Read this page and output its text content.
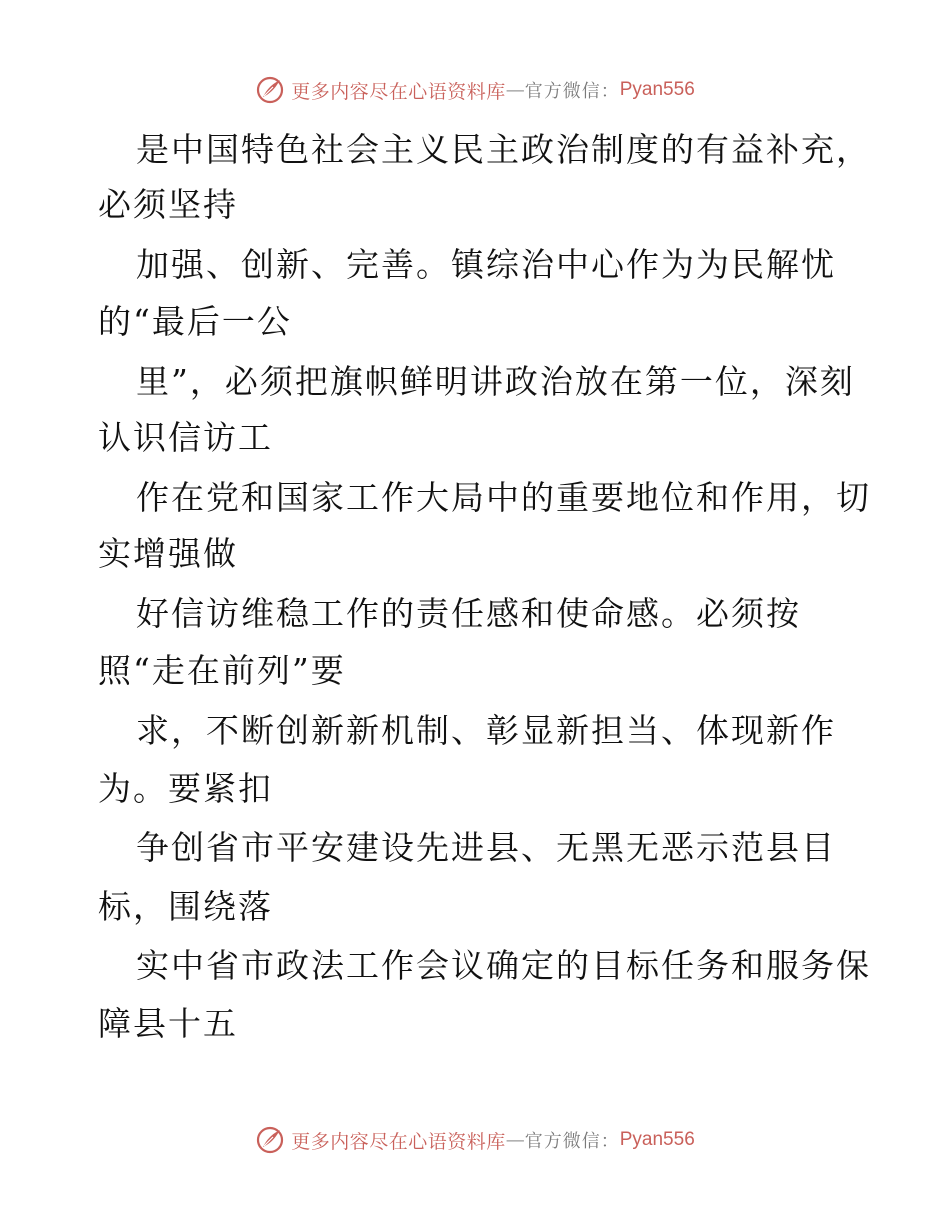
更多内容尽在心语资料库 — 官方微信： Pyan556
是中国特色社会主义民主政治制度的有益补充，
必须坚持
加强、创新、完善。镇综治中心作为为民解忧
的“最后一公
里”，必须把旗帜鲜明讲政治放在第一位，深刻
认识信访工
作在党和国家工作大局中的重要地位和作用，切
实增强做
好信访维稳工作的责任感和使命感。必须按
照“走在前列”要
求，不断创新新机制、彰显新担当、体现新作
为。要紧扣
争创省市平安建设先进县、无黑无恶示范县目
标，围绕落
实中省市政法工作会议确定的目标任务和服务保
障县十五
更多内容尽在心语资料库 — 官方微信： Pyan556
